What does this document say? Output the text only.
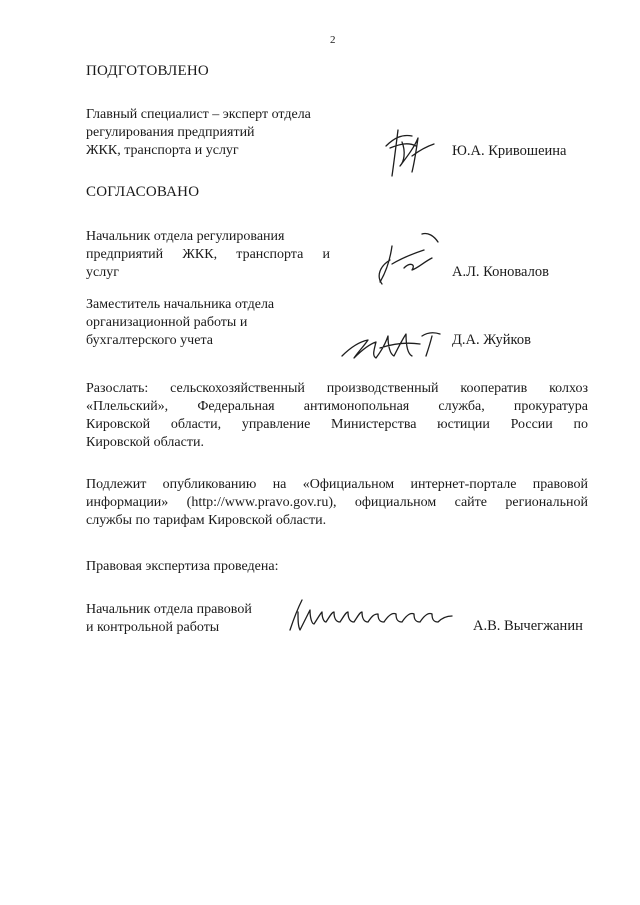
2
ПОДГОТОВЛЕНО
Главный специалист – эксперт отдела
регулирования предприятий
ЖКК, транспорта и услуг	Ю.А. Кривошеина
СОГЛАСОВАНО
Начальник отдела регулирования
предприятий ЖКК, транспорта и
услуг	А.Л. Коновалов
Заместитель начальника отдела
организационной работы и
бухгалтерского учета	Д.А. Жуйков
Разослать: сельскохозяйственный производственный кооператив колхоз
«Плельский», Федеральная антимонопольная служба, прокуратура
Кировской области, управление Министерства юстиции России по
Кировской области.
Подлежит опубликованию на «Официальном интернет-портале правовой
информации» (http://www.pravo.gov.ru), официальном сайте региональной
службы по тарифам Кировской области.
Правовая экспертиза проведена:
Начальник отдела правовой
и контрольной работы	А.В. Вычегжанин
